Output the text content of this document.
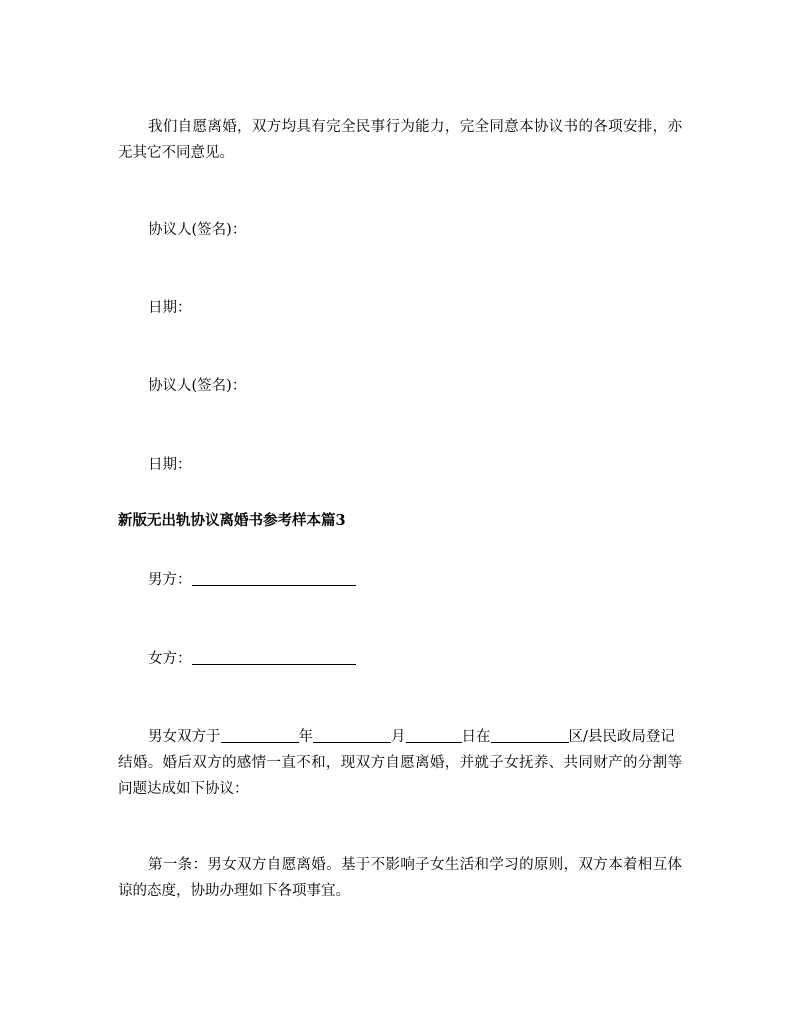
我们自愿离婚，双方均具有完全民事行为能力，完全同意本协议书的各项安排，亦无其它不同意见。

协议人(签名)：

日期：

协议人(签名)：

日期：

新版无出轨协议离婚书参考样本篇3

男方：

女方：

男女双方于	年	月	日在	区/县民政局登记
结婚。婚后双方的感情一直不和，现双方自愿离婚，并就子女抚养、共同财产的分割等问题达成如下协议：

第一条：男女双方自愿离婚。基于不影响子女生活和学习的原则，双方本着相互体谅的态度，协助办理如下各项事宜。
